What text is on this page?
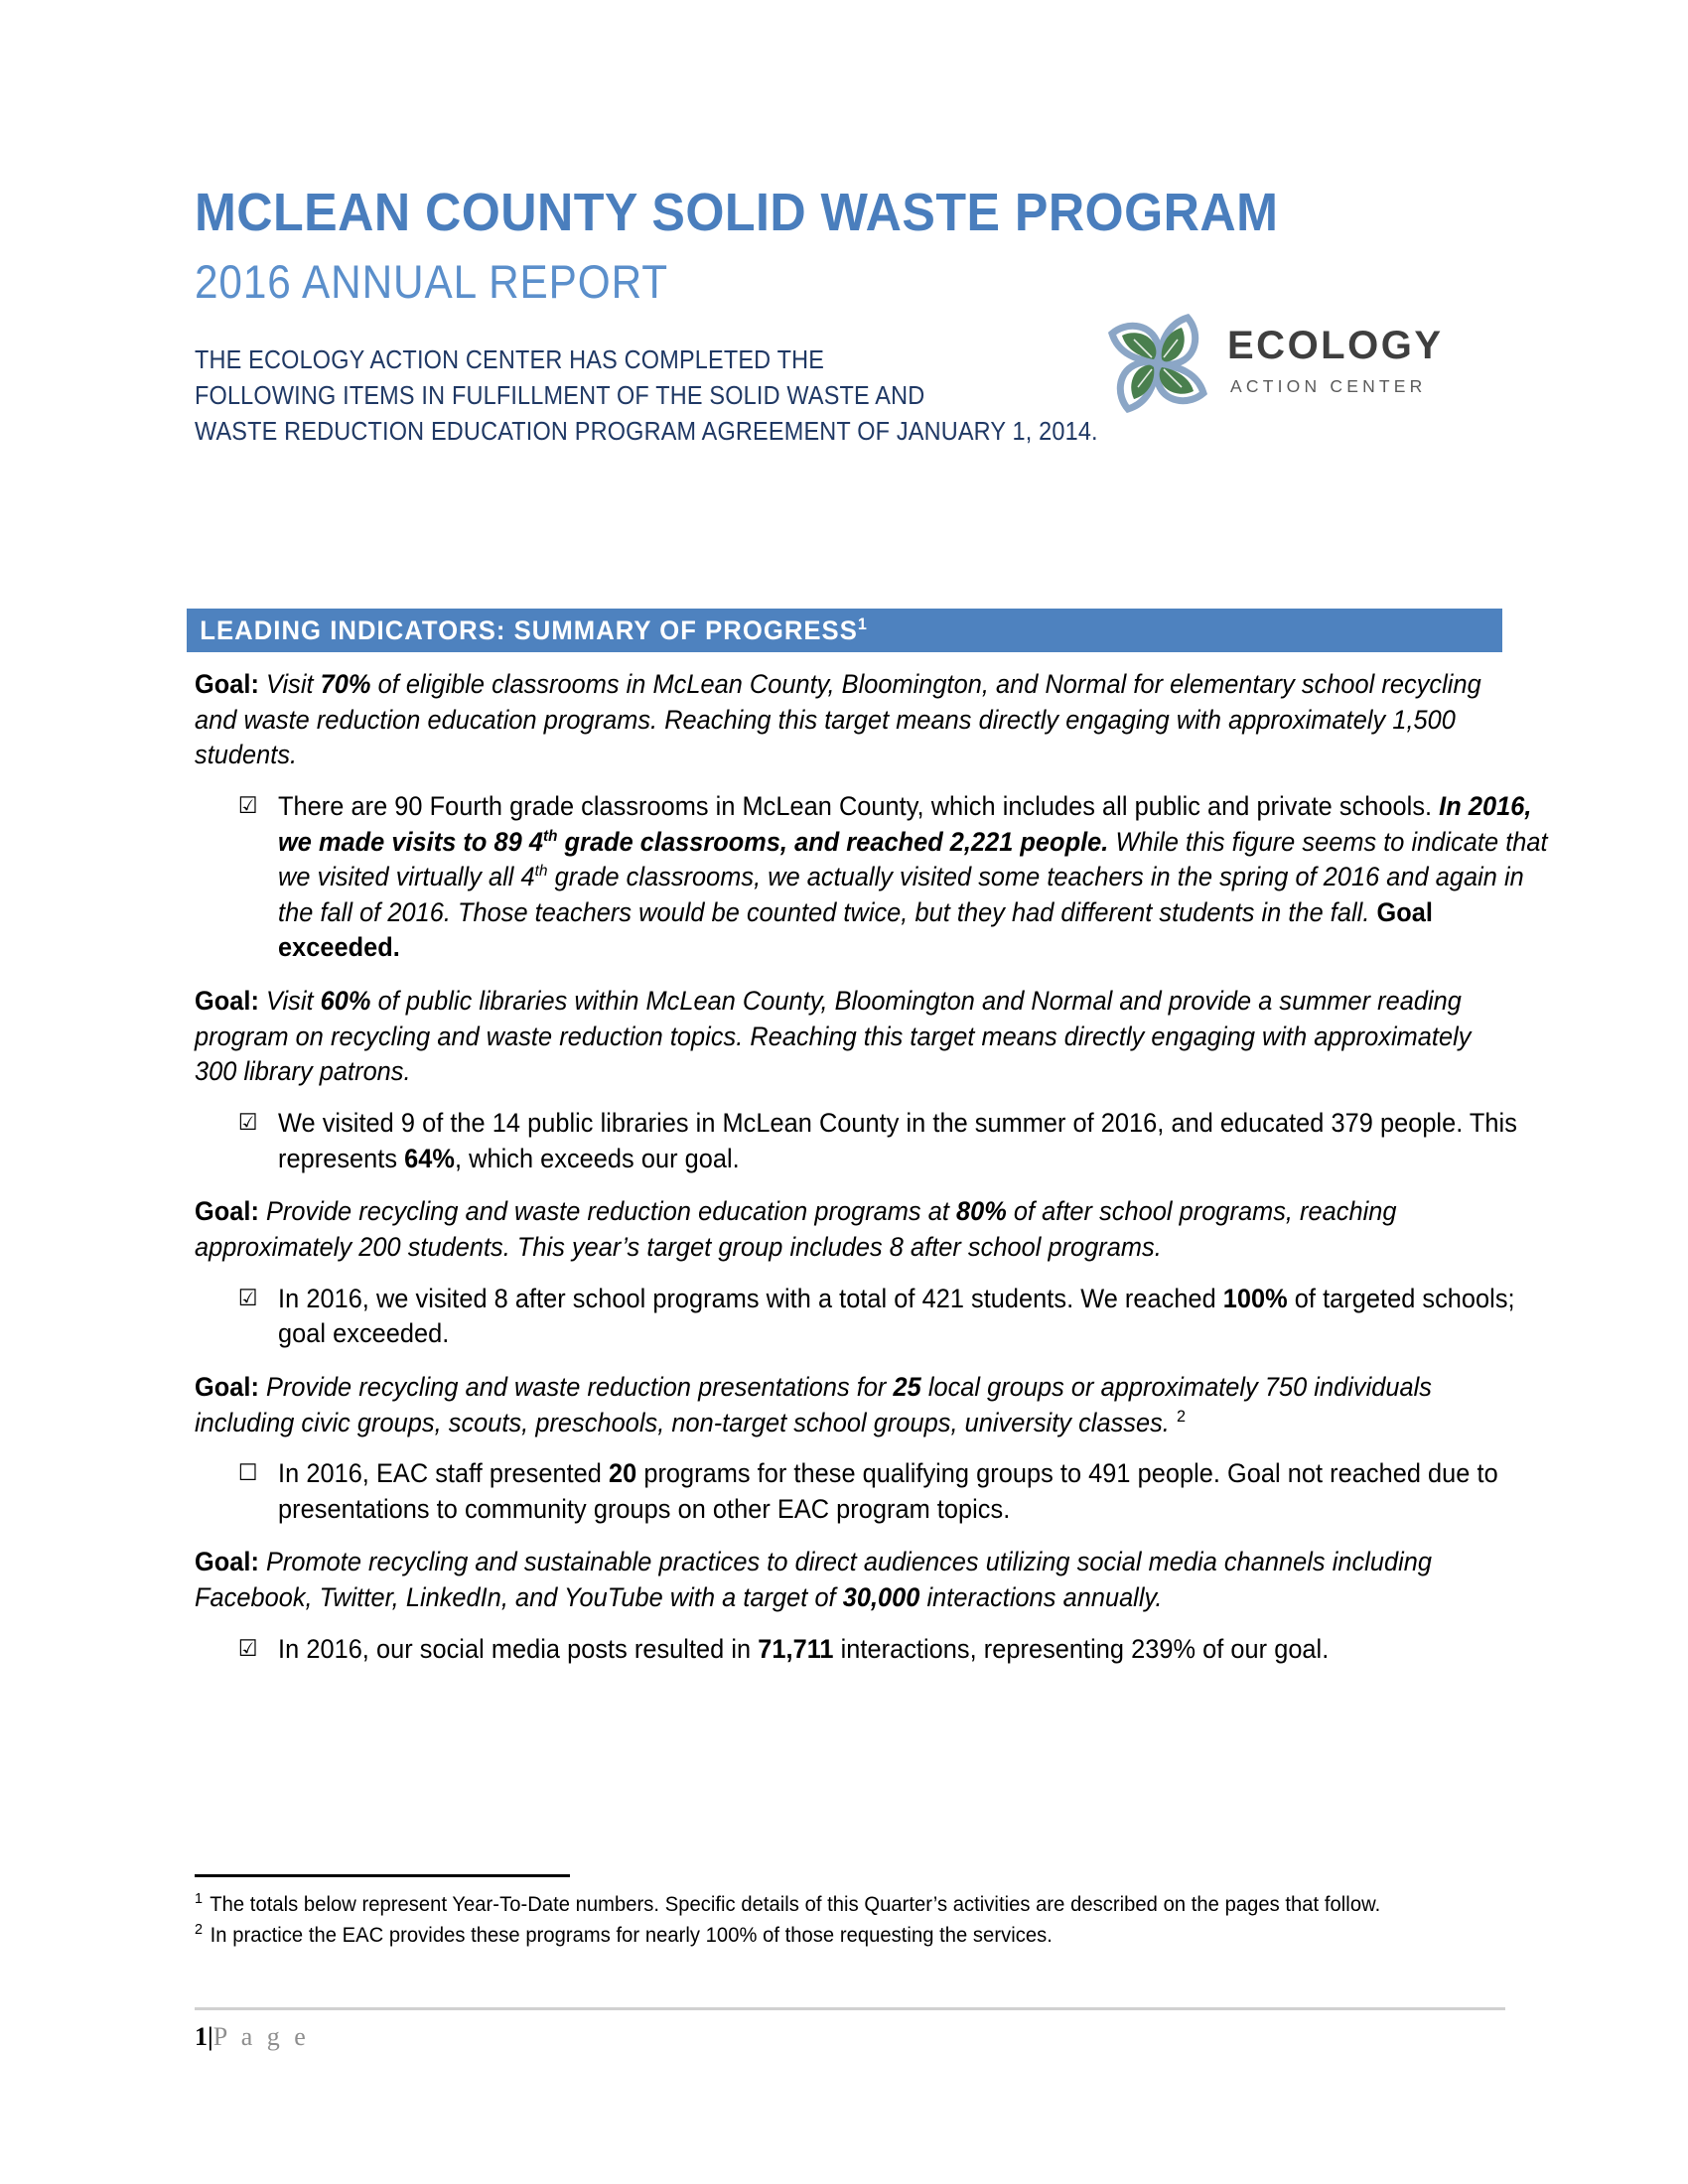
MCLEAN COUNTY SOLID WASTE PROGRAM
2016 ANNUAL REPORT
THE ECOLOGY ACTION CENTER HAS COMPLETED THE
FOLLOWING ITEMS IN FULFILLMENT OF THE SOLID WASTE AND
WASTE REDUCTION EDUCATION PROGRAM AGREEMENT OF JANUARY 1, 2014.
ECOLOGY
ACTION CENTER
LEADING INDICATORS: SUMMARY OF PROGRESS$^1$

Goal: Visit 70% of eligible classrooms in McLean County, Bloomington, and Normal for elementary school recycling and waste reduction education programs. Reaching this target means directly engaging with approximately 1,500 students.

☑ There are 90 Fourth grade classrooms in McLean County, which includes all public and private schools. In 2016, we made visits to 89 4th grade classrooms, and reached 2,221 people. While this figure seems to indicate that we visited virtually all 4th grade classrooms, we actually visited some teachers in the spring of 2016 and again in the fall of 2016. Those teachers would be counted twice, but they had different students in the fall. Goal exceeded.

Goal: Visit 60% of public libraries within McLean County, Bloomington and Normal and provide a summer reading program on recycling and waste reduction topics. Reaching this target means directly engaging with approximately 300 library patrons.

☑ We visited 9 of the 14 public libraries in McLean County in the summer of 2016, and educated 379 people. This represents 64%, which exceeds our goal.

Goal: Provide recycling and waste reduction education programs at 80% of after school programs, reaching approximately 200 students. This year’s target group includes 8 after school programs.

☑ In 2016, we visited 8 after school programs with a total of 421 students. We reached 100% of targeted schools; goal exceeded.

Goal: Provide recycling and waste reduction presentations for 25 local groups or approximately 750 individuals including civic groups, scouts, preschools, non-target school groups, university classes. $^2$

☐ In 2016, EAC staff presented 20 programs for these qualifying groups to 491 people. Goal not reached due to presentations to community groups on other EAC program topics.

Goal: Promote recycling and sustainable practices to direct audiences utilizing social media channels including Facebook, Twitter, LinkedIn, and YouTube with a target of 30,000 interactions annually.

☑ In 2016, our social media posts resulted in 71,711 interactions, representing 239% of our goal.
$^1$ The totals below represent Year-To-Date numbers. Specific details of this Quarter’s activities are described on the pages that follow.
$^2$ In practice the EAC provides these programs for nearly 100% of those requesting the services.
1|P a g e
